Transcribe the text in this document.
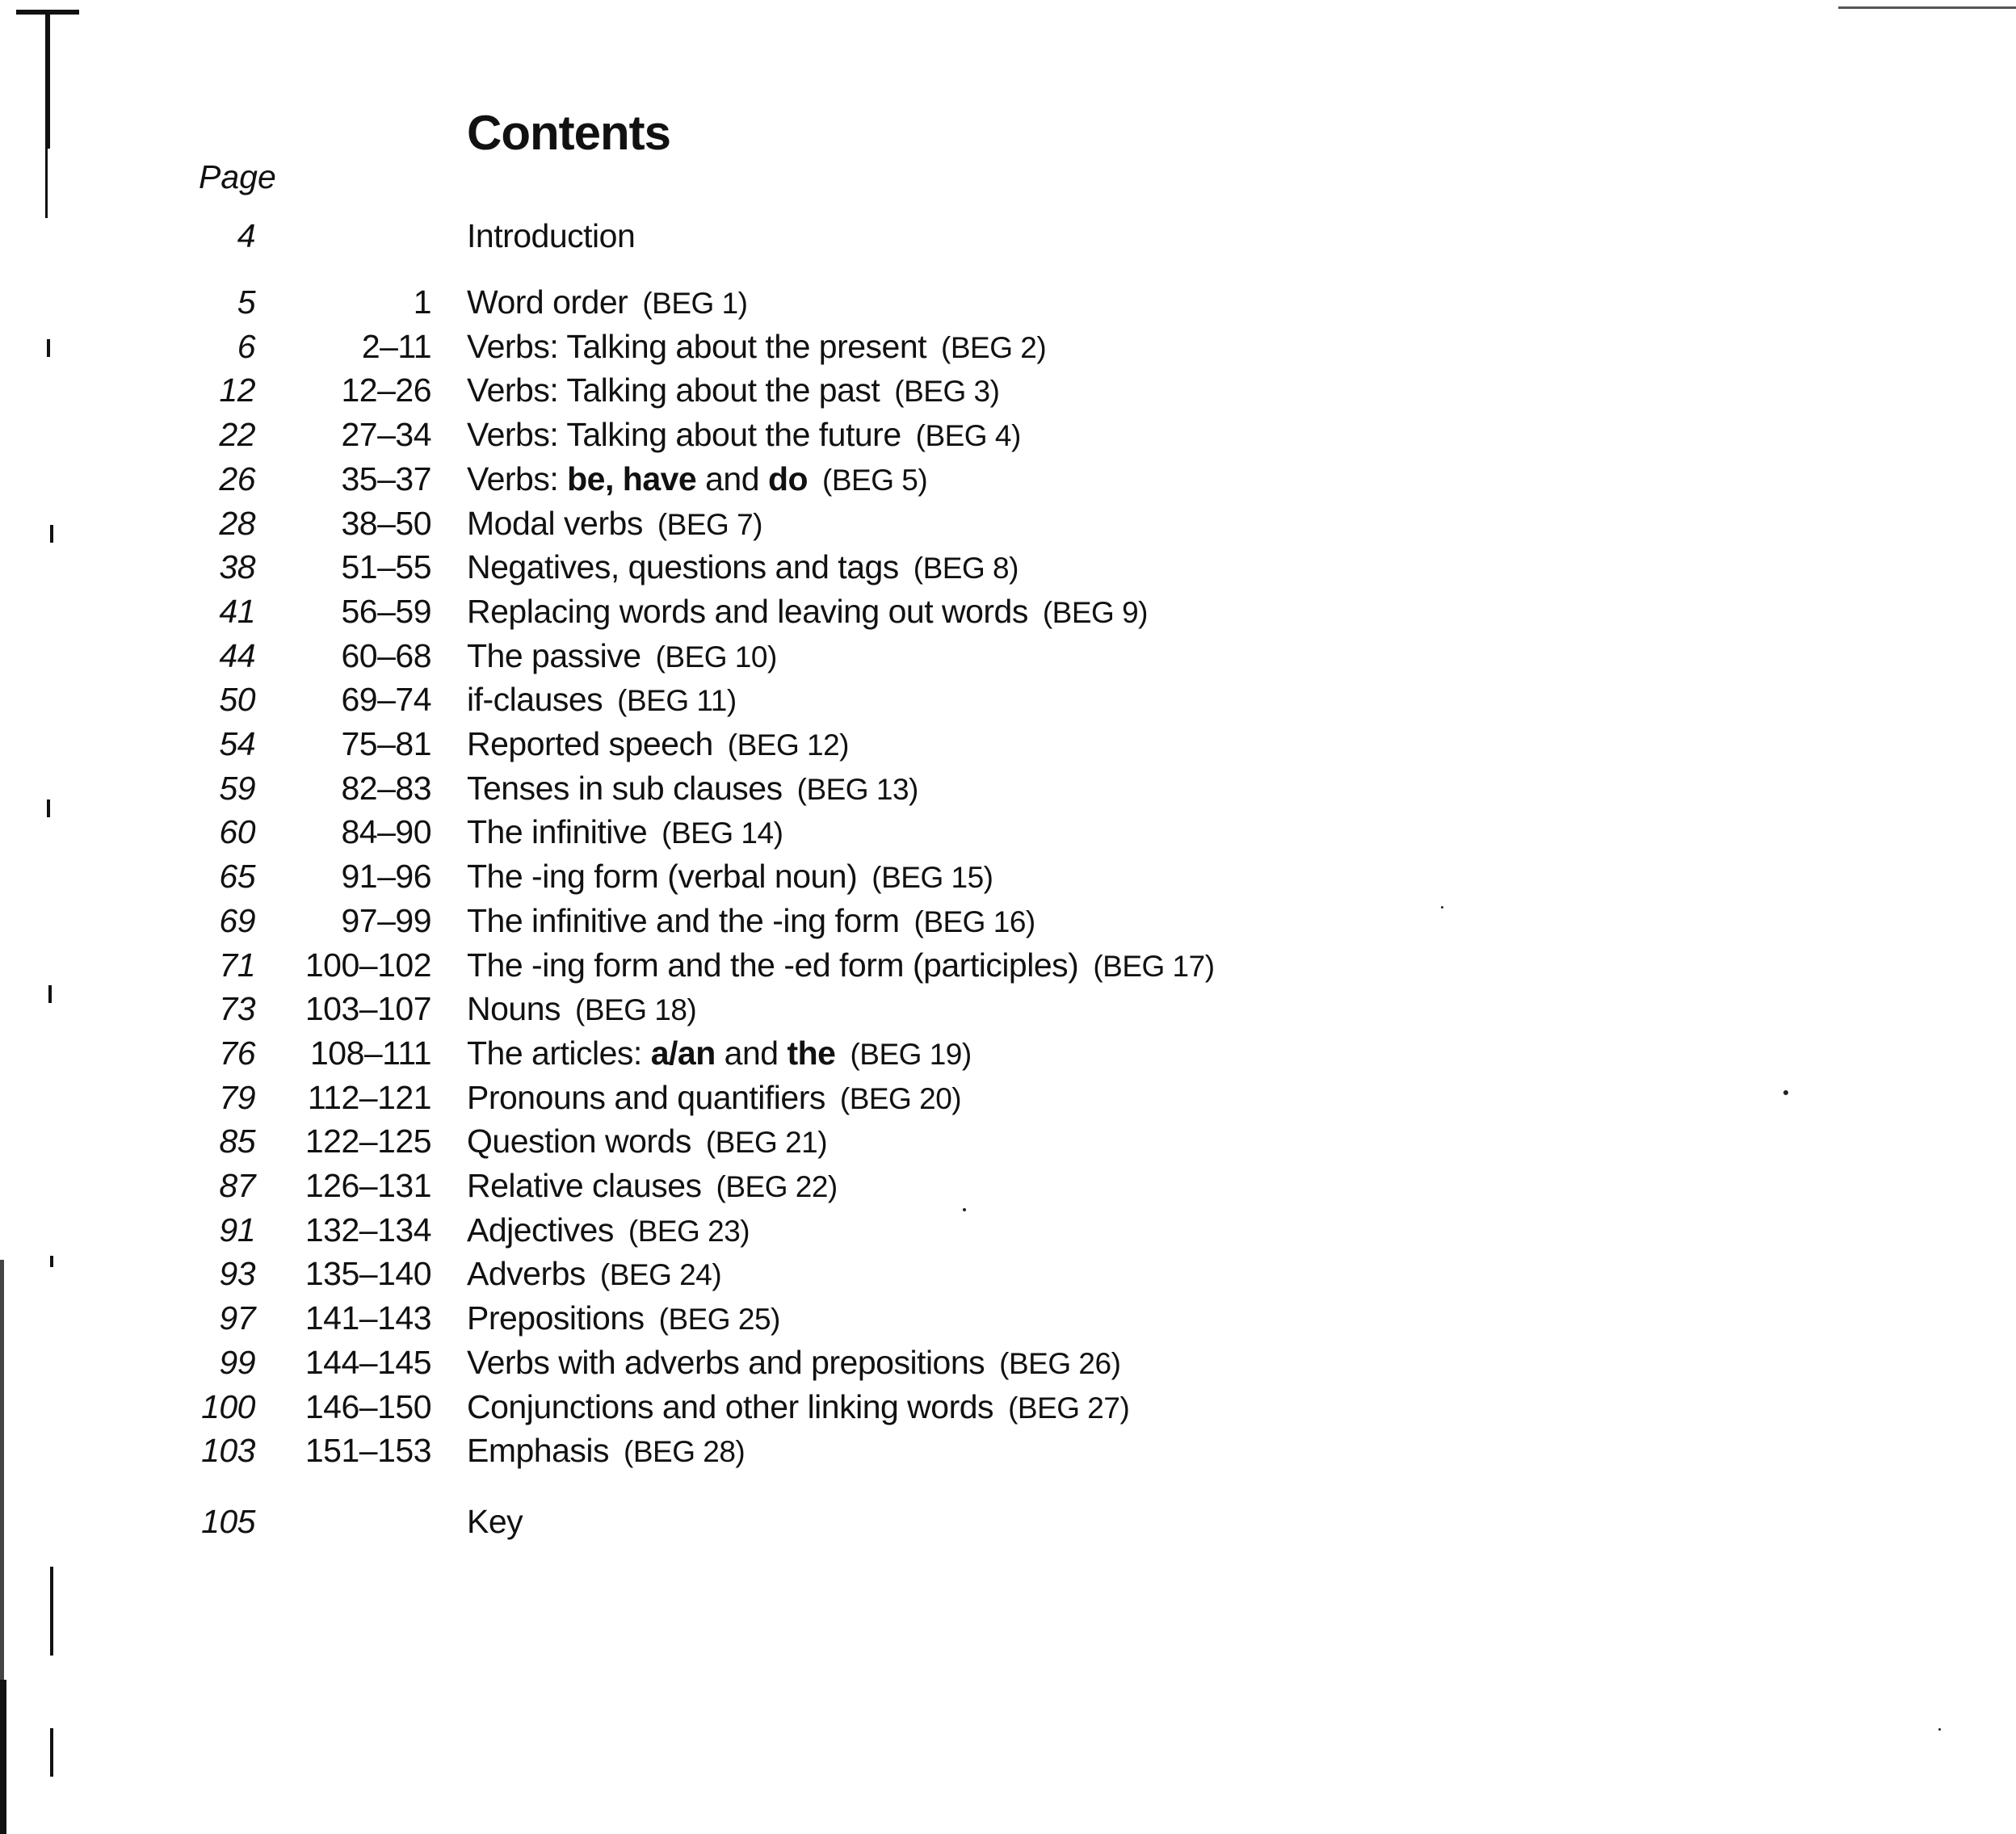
Contents
Page
4	Introduction
5	1 Word order (BEG 1)
6	2–11 Verbs: Talking about the present (BEG 2)
12	12–26 Verbs: Talking about the past (BEG 3)
22	27–34 Verbs: Talking about the future (BEG 4)
26	35–37 Verbs: be, have and do (BEG 5)
28	38–50 Modal verbs (BEG 7)
38	51–55 Negatives, questions and tags (BEG 8)
41	56–59 Replacing words and leaving out words (BEG 9)
44	60–68 The passive (BEG 10)
50	69–74 if-clauses (BEG 11)
54	75–81 Reported speech (BEG 12)
59	82–83 Tenses in sub clauses (BEG 13)
60	84–90 The infinitive (BEG 14)
65	91–96 The -ing form (verbal noun) (BEG 15)
69	97–99 The infinitive and the -ing form (BEG 16)
71	100–102 The -ing form and the -ed form (participles) (BEG 17)
73	103–107 Nouns (BEG 18)
76	108–111 The articles: a/an and the (BEG 19)
79	112–121 Pronouns and quantifiers (BEG 20)
85	122–125 Question words (BEG 21)
87	126–131 Relative clauses (BEG 22)
91	132–134 Adjectives (BEG 23)
93	135–140 Adverbs (BEG 24)
97	141–143 Prepositions (BEG 25)
99	144–145 Verbs with adverbs and prepositions (BEG 26)
100	146–150 Conjunctions and other linking words (BEG 27)
103	151–153 Emphasis (BEG 28)
105	Key
